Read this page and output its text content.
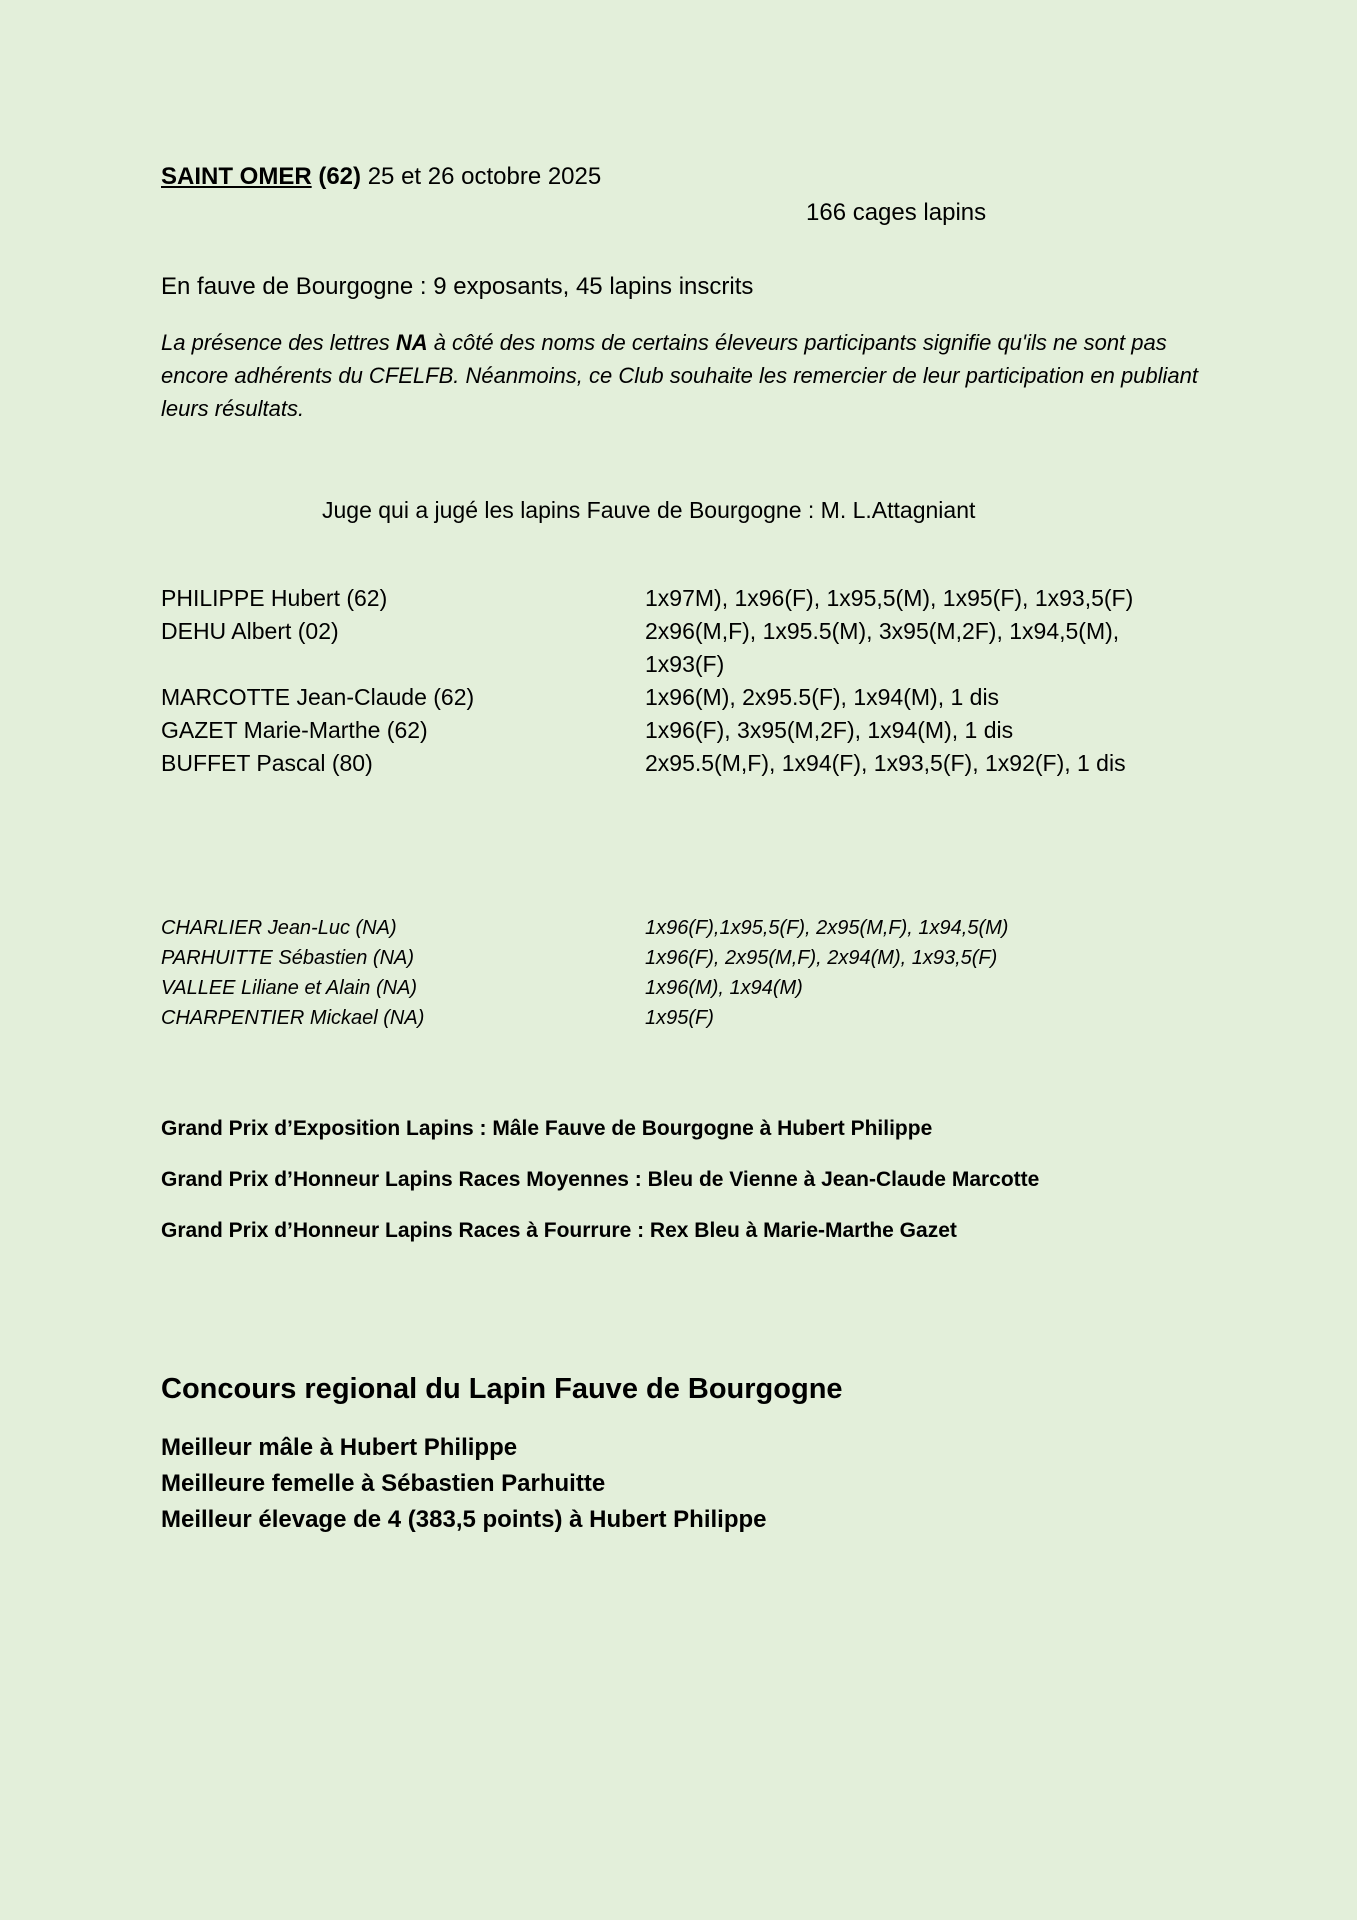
SAINT OMER (62) 25 et 26 octobre 2025
166 cages lapins
En fauve de Bourgogne : 9 exposants, 45 lapins inscrits
La présence des lettres NA à côté des noms de certains éleveurs participants signifie qu'ils ne sont pas encore adhérents du CFELFB. Néanmoins, ce Club souhaite les remercier de leur participation en publiant leurs résultats.
Juge qui a jugé les lapins Fauve de Bourgogne : M. L.Attagniant
PHILIPPE Hubert (62)	1x97M), 1x96(F), 1x95,5(M), 1x95(F), 1x93,5(F)
DEHU Albert (02)	2x96(M,F), 1x95.5(M), 3x95(M,2F), 1x94,5(M),
1x93(F)
MARCOTTE Jean-Claude (62)	1x96(M), 2x95.5(F), 1x94(M), 1 dis
GAZET Marie-Marthe (62)	1x96(F), 3x95(M,2F), 1x94(M), 1 dis
BUFFET Pascal (80)	2x95.5(M,F), 1x94(F), 1x93,5(F), 1x92(F), 1 dis
CHARLIER Jean-Luc (NA)	1x96(F),1x95,5(F), 2x95(M,F), 1x94,5(M)
PARHUITTE Sébastien (NA)	1x96(F), 2x95(M,F), 2x94(M), 1x93,5(F)
VALLEE Liliane et Alain (NA)	1x96(M), 1x94(M)
CHARPENTIER Mickael (NA)	1x95(F)
Grand Prix d’Exposition Lapins : Mâle Fauve de Bourgogne à Hubert Philippe
Grand Prix d’Honneur Lapins Races Moyennes : Bleu de Vienne à Jean-Claude Marcotte
Grand Prix d’Honneur Lapins Races à Fourrure : Rex Bleu à Marie-Marthe Gazet
Concours regional du Lapin Fauve de Bourgogne
Meilleur mâle à Hubert Philippe
Meilleure femelle à Sébastien Parhuitte
Meilleur élevage de 4 (383,5 points) à Hubert Philippe
